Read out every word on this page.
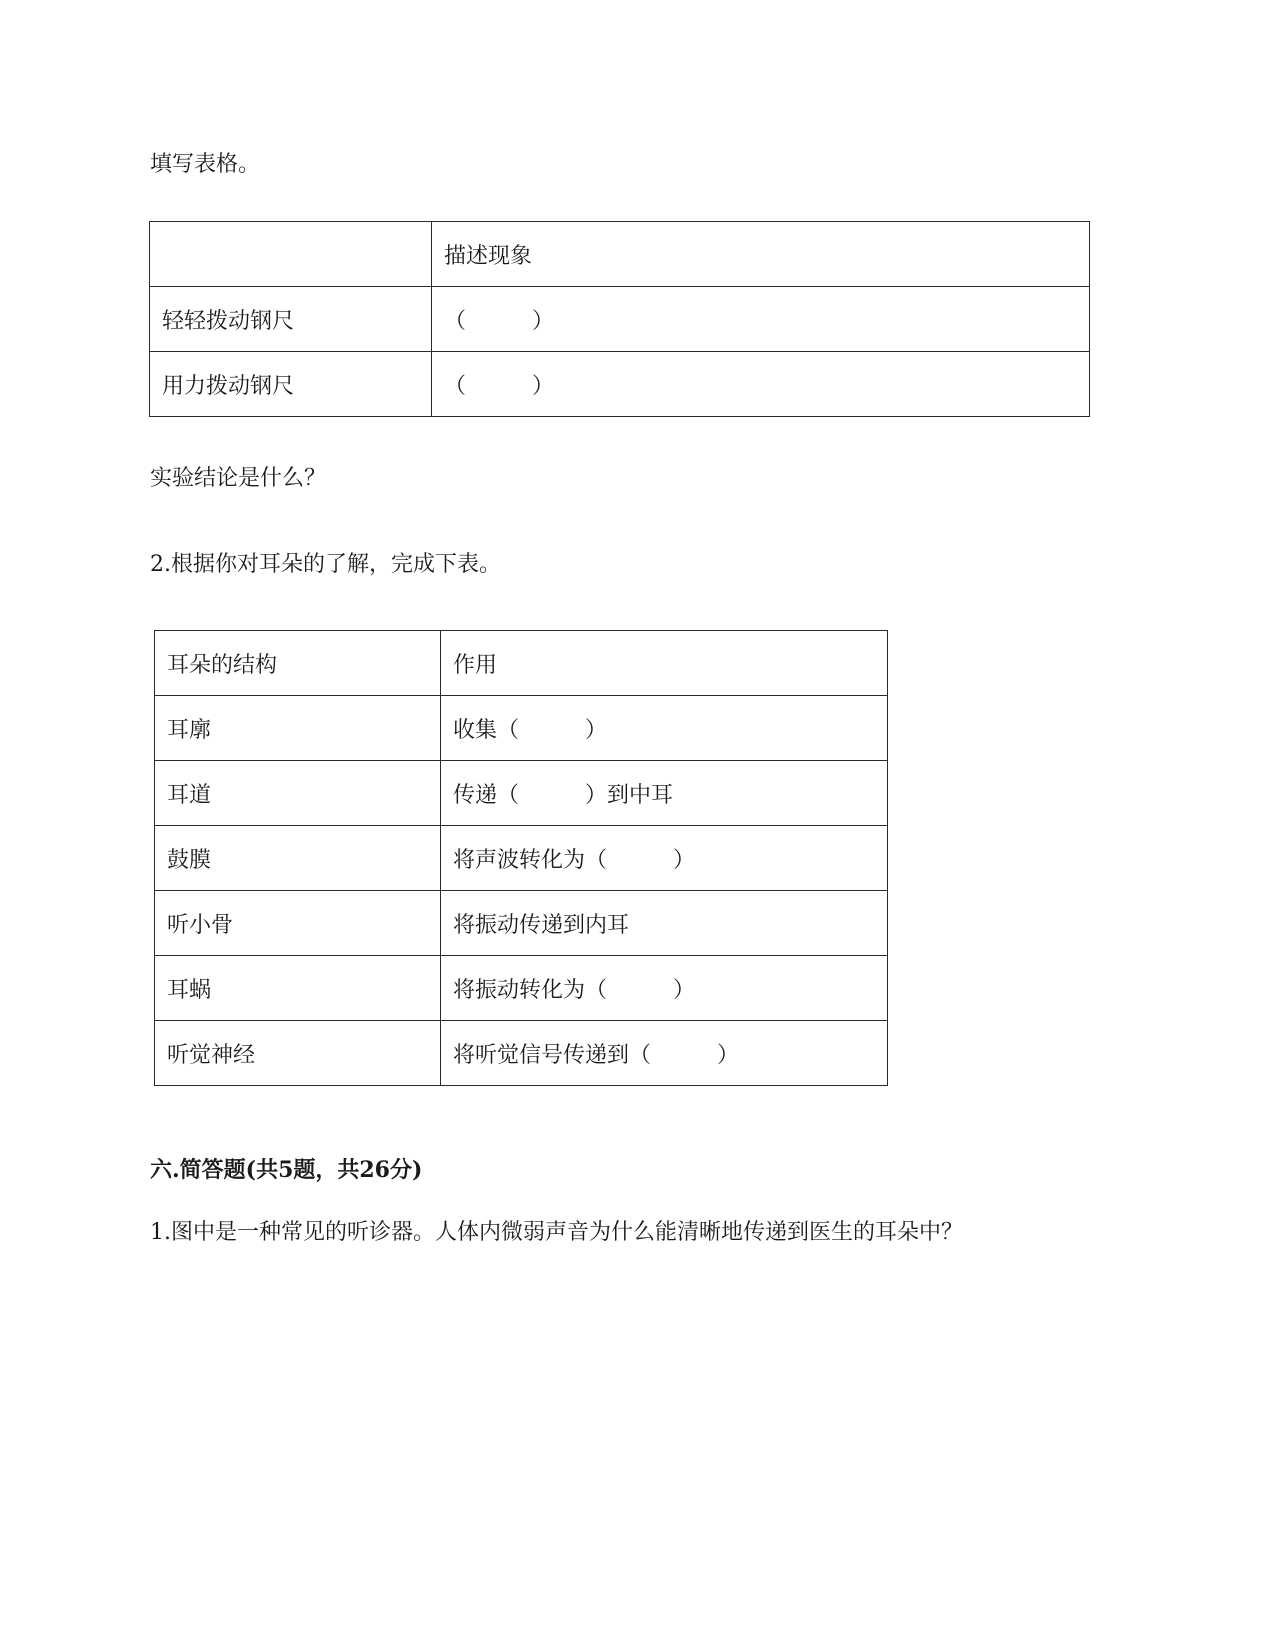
填写表格。

	描述现象
轻轻拨动钢尺	（　　　）
用力拨动钢尺	（　　　）

实验结论是什么？

2.根据你对耳朵的了解，完成下表。

耳朵的结构	作用
耳廓	收集（　　　）
耳道	传递（　　　）到中耳
鼓膜	将声波转化为（　　　）
听小骨	将振动传递到内耳
耳蜗	将振动转化为（　　　）
听觉神经	将听觉信号传递到（　　　）

六.简答题(共5题，共26分)

1.图中是一种常见的听诊器。人体内微弱声音为什么能清晰地传递到医生的耳朵中？
